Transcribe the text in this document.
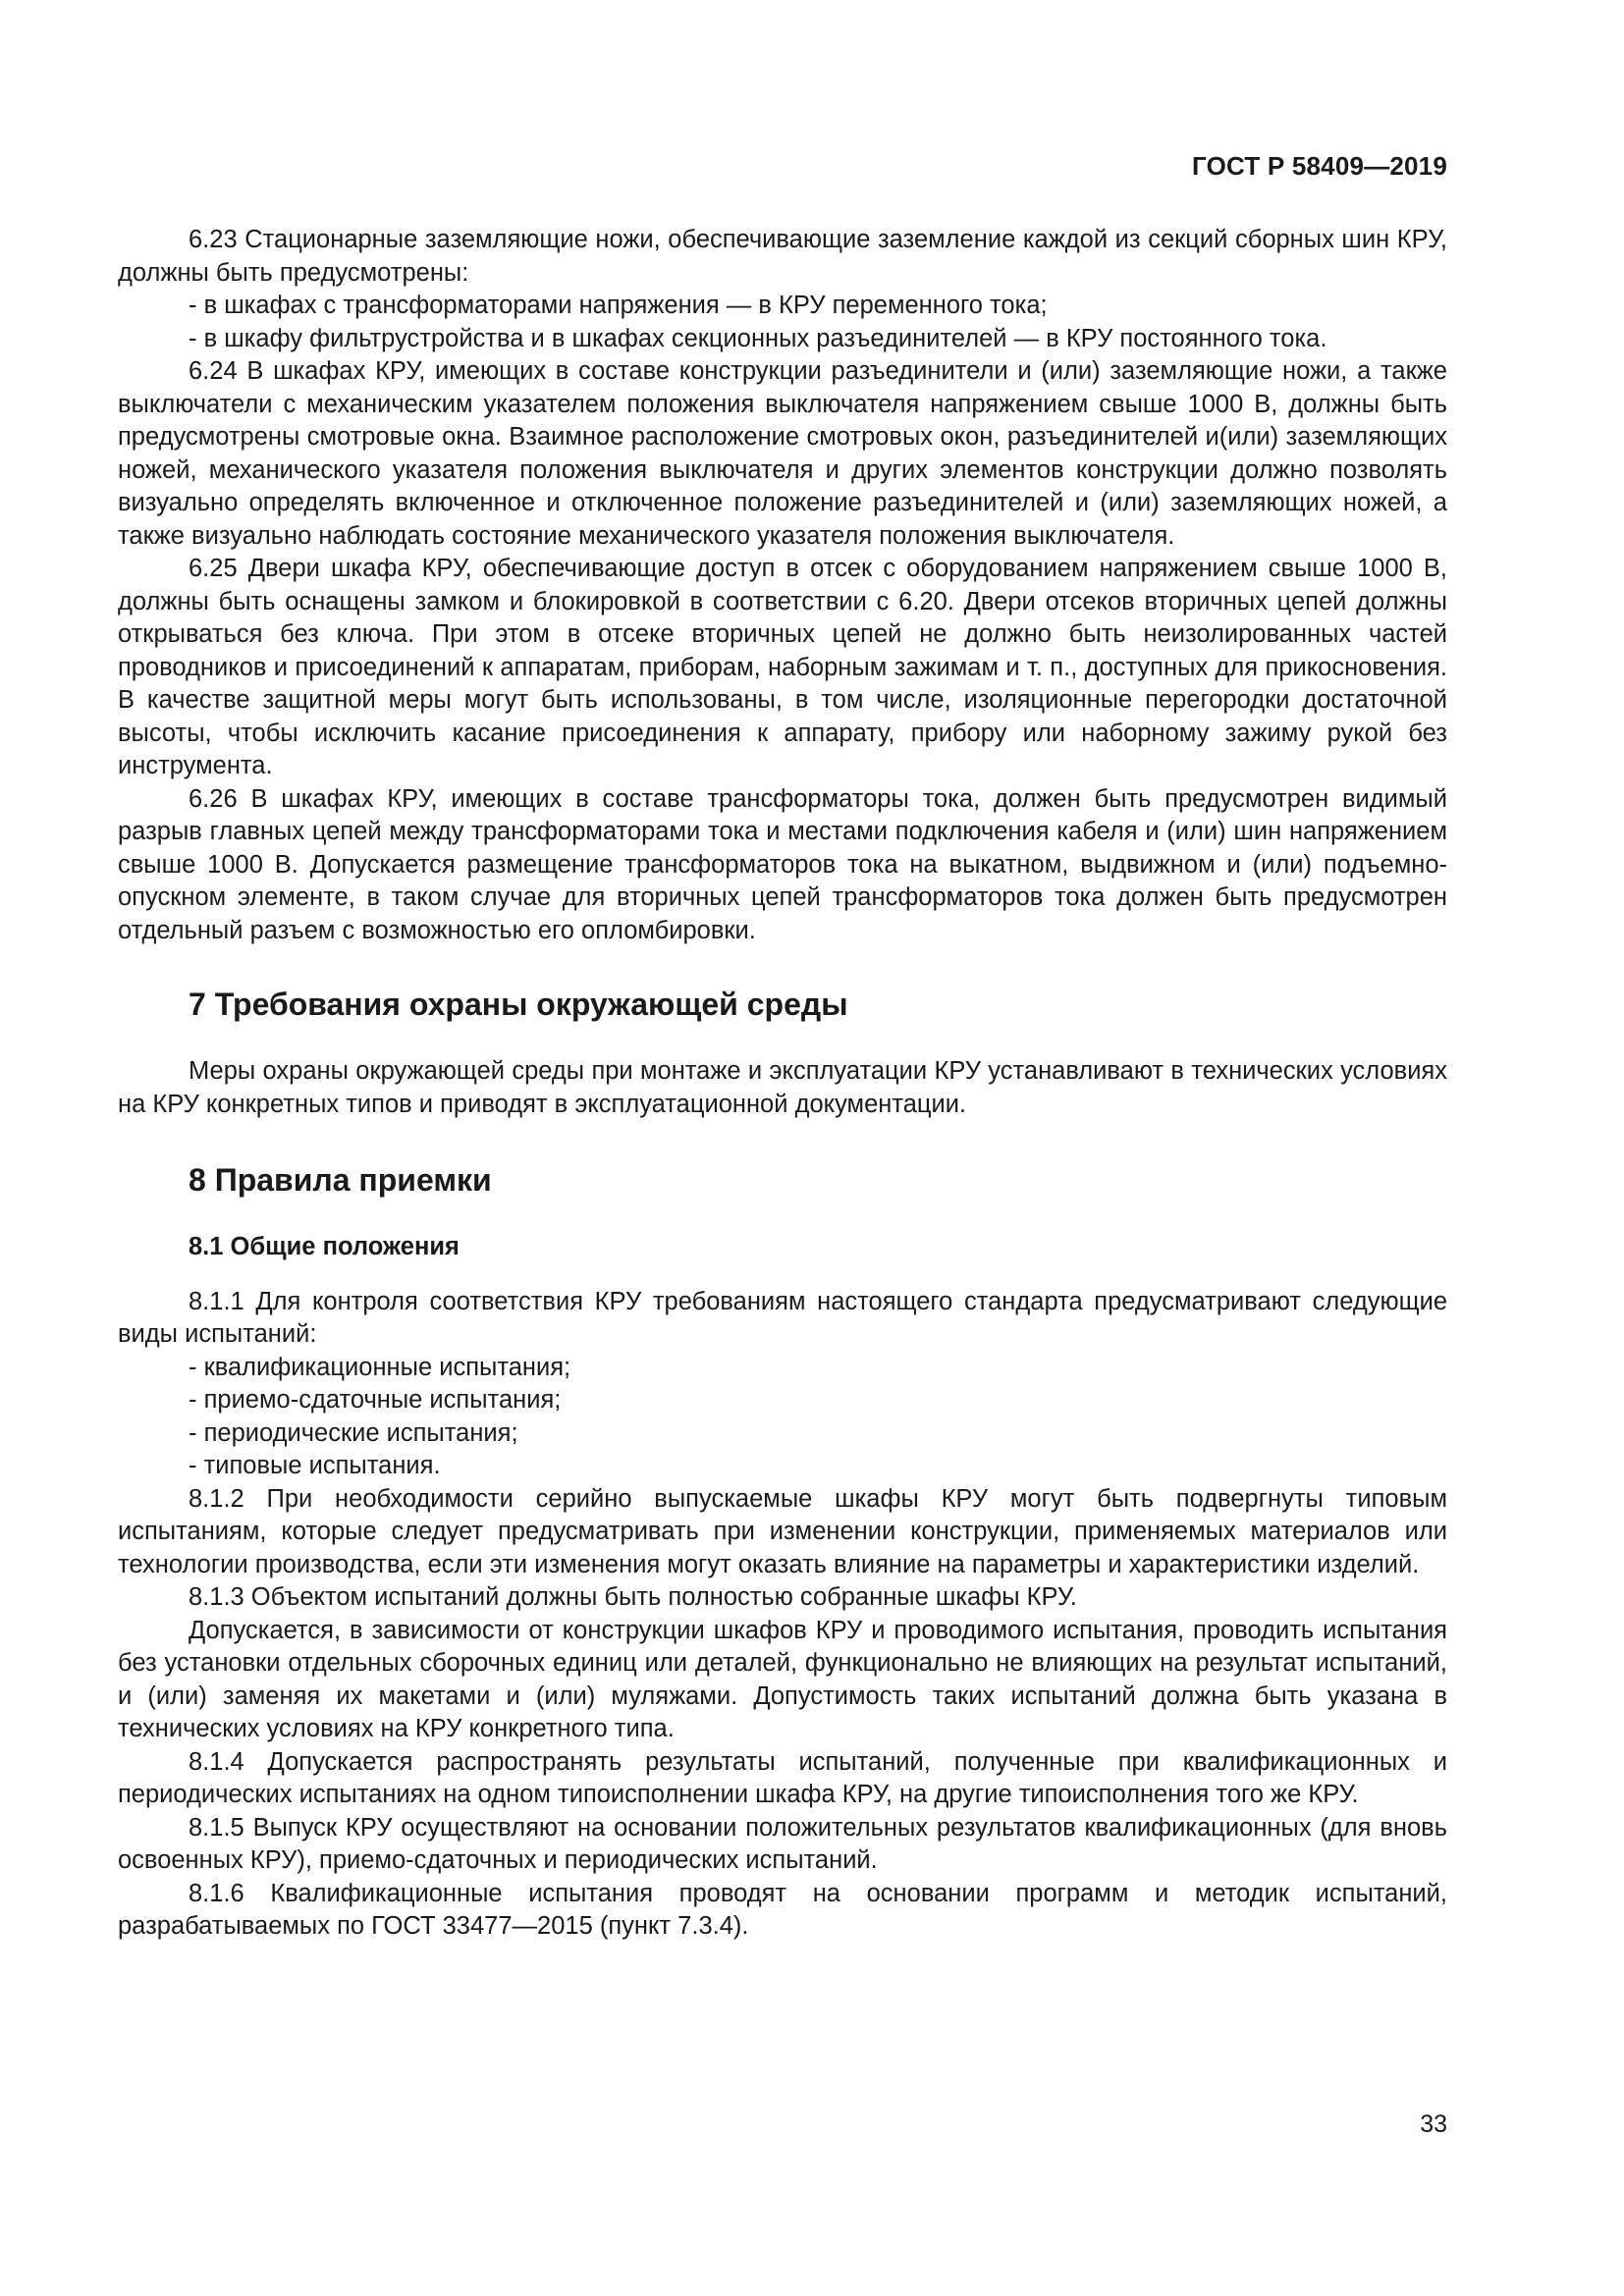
ГОСТ Р 58409—2019

6.23 Стационарные заземляющие ножи, обеспечивающие заземление каждой из секций сборных шин КРУ, должны быть предусмотрены:

- в шкафах с трансформаторами напряжения — в КРУ переменного тока;

- в шкафу фильтрустройства и в шкафах секционных разъединителей — в КРУ постоянного тока.

6.24 В шкафах КРУ, имеющих в составе конструкции разъединители и (или) заземляющие ножи, а также выключатели с механическим указателем положения выключателя напряжением свыше 1000 В, должны быть предусмотрены смотровые окна. Взаимное расположение смотровых окон, разъединителей и(или) заземляющих ножей, механического указателя положения выключателя и других элементов конструкции должно позволять визуально определять включенное и отключенное положение разъединителей и (или) заземляющих ножей, а также визуально наблюдать состояние механического указателя положения выключателя.

6.25 Двери шкафа КРУ, обеспечивающие доступ в отсек с оборудованием напряжением свыше 1000 В, должны быть оснащены замком и блокировкой в соответствии с 6.20. Двери отсеков вторичных цепей должны открываться без ключа. При этом в отсеке вторичных цепей не должно быть неизолированных частей проводников и присоединений к аппаратам, приборам, наборным зажимам и т. п., доступных для прикосновения. В качестве защитной меры могут быть использованы, в том числе, изоляционные перегородки достаточной высоты, чтобы исключить касание присоединения к аппарату, прибору или наборному зажиму рукой без инструмента.

6.26 В шкафах КРУ, имеющих в составе трансформаторы тока, должен быть предусмотрен видимый разрыв главных цепей между трансформаторами тока и местами подключения кабеля и (или) шин напряжением свыше 1000 В. Допускается размещение трансформаторов тока на выкатном, выдвижном и (или) подъемно-опускном элементе, в таком случае для вторичных цепей трансформаторов тока должен быть предусмотрен отдельный разъем с возможностью его опломбировки.

7 Требования охраны окружающей среды

Меры охраны окружающей среды при монтаже и эксплуатации КРУ устанавливают в технических условиях на КРУ конкретных типов и приводят в эксплуатационной документации.

8 Правила приемки
8.1 Общие положения

8.1.1 Для контроля соответствия КРУ требованиям настоящего стандарта предусматривают следующие виды испытаний:

- квалификационные испытания;

- приемо-сдаточные испытания;

- периодические испытания;

- типовые испытания.

8.1.2 При необходимости серийно выпускаемые шкафы КРУ могут быть подвергнуты типовым испытаниям, которые следует предусматривать при изменении конструкции, применяемых материалов или технологии производства, если эти изменения могут оказать влияние на параметры и характеристики изделий.

8.1.3 Объектом испытаний должны быть полностью собранные шкафы КРУ.

Допускается, в зависимости от конструкции шкафов КРУ и проводимого испытания, проводить испытания без установки отдельных сборочных единиц или деталей, функционально не влияющих на результат испытаний, и (или) заменяя их макетами и (или) муляжами. Допустимость таких испытаний должна быть указана в технических условиях на КРУ конкретного типа.

8.1.4 Допускается распространять результаты испытаний, полученные при квалификационных и периодических испытаниях на одном типоисполнении шкафа КРУ, на другие типоисполнения того же КРУ.

8.1.5 Выпуск КРУ осуществляют на основании положительных результатов квалификационных (для вновь освоенных КРУ), приемо-сдаточных и периодических испытаний.

8.1.6 Квалификационные испытания проводят на основании программ и методик испытаний, разрабатываемых по ГОСТ 33477—2015 (пункт 7.3.4).

33
